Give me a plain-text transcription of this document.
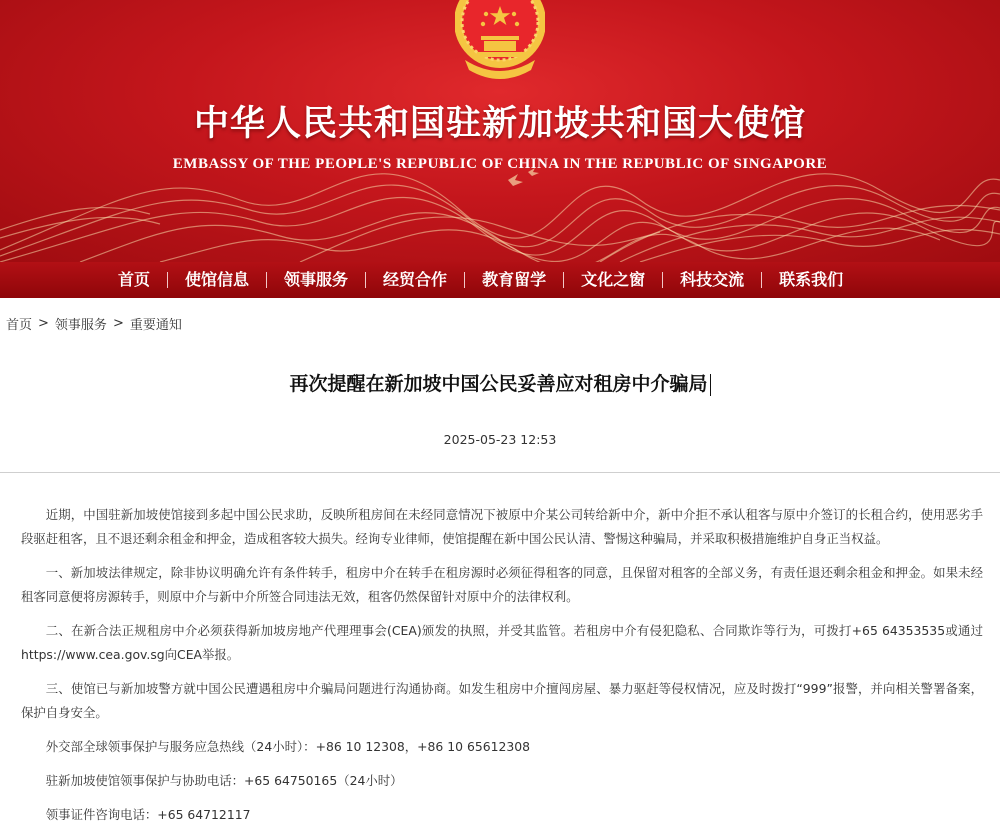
中华人民共和国驻新加坡共和国大使馆
EMBASSY OF THE PEOPLE'S REPUBLIC OF CHINA IN THE REPUBLIC OF SINGAPORE
首页	使馆信息	领事服务	经贸合作	教育留学	文化之窗	科技交流	联系我们
首页 > 领事服务 > 重要通知
再次提醒在新加坡中国公民妥善应对租房中介骗局
2025-05-23 12:53

近期，中国驻新加坡使馆接到多起中国公民求助，反映所租房间在未经同意情况下被原中介某公司转给新中介，新中介拒不承认租客与原中介签订的长租合约，使用恶劣手段驱赶租客，且不退还剩余租金和押金，造成租客较大损失。经询专业律师，使馆提醒在新中国公民认清、警惕这种骗局，并采取积极措施维护自身正当权益。

一、新加坡法律规定，除非协议明确允许有条件转手，租房中介在转手在租房源时必须征得租客的同意，且保留对租客的全部义务，有责任退还剩余租金和押金。如果未经租客同意便将房源转手，则原中介与新中介所签合同违法无效，租客仍然保留针对原中介的法律权利。

二、在新合法正规租房中介必须获得新加坡房地产代理理事会(CEA)颁发的执照，并受其监管。若租房中介有侵犯隐私、合同欺诈等行为，可拨打+65 64353535或通过https://www.cea.gov.sg向CEA举报。

三、使馆已与新加坡警方就中国公民遭遇租房中介骗局问题进行沟通协商。如发生租房中介擅闯房屋、暴力驱赶等侵权情况，应及时拨打“999”报警，并向相关警署备案，保护自身安全。

外交部全球领事保护与服务应急热线（24小时）：+86 10 12308，+86 10 65612308

驻新加坡使馆领事保护与协助电话：+65 64750165（24小时）

领事证件咨询电话：+65 64712117
